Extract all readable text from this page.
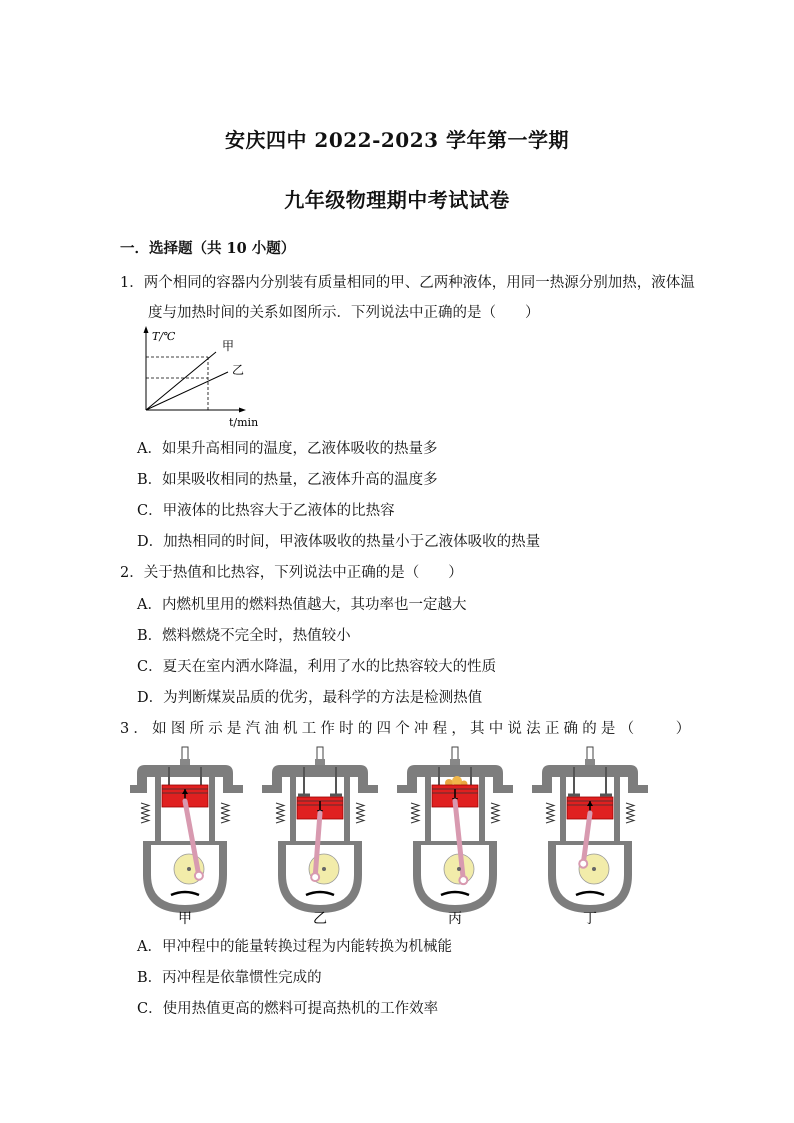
安庆四中 2022-2023 学年第一学期
九年级物理期中考试试卷
一．选择题（共 10 小题）
1．两个相同的容器内分别装有质量相同的甲、乙两种液体，用同一热源分别加热，液体温
度与加热时间的关系如图所示．下列说法中正确的是（　　）
T/℃
甲
乙
t/min
A．如果升高相同的温度，乙液体吸收的热量多
B．如果吸收相同的热量，乙液体升高的温度多
C．甲液体的比热容大于乙液体的比热容
D．加热相同的时间，甲液体吸收的热量小于乙液体吸收的热量
2．关于热值和比热容，下列说法中正确的是（　　）
A．内燃机里用的燃料热值越大，其功率也一定越大
B．燃料燃烧不完全时，热值较小
C．夏天在室内洒水降温，利用了水的比热容较大的性质
D．为判断煤炭品质的优劣，最科学的方法是检测热值
3．如图所示是汽油机工作时的四个冲程，其中说法正确的是（　　）
甲	乙	丙	丁
A．甲冲程中的能量转换过程为内能转换为机械能
B．丙冲程是依靠惯性完成的
C．使用热值更高的燃料可提高热机的工作效率
